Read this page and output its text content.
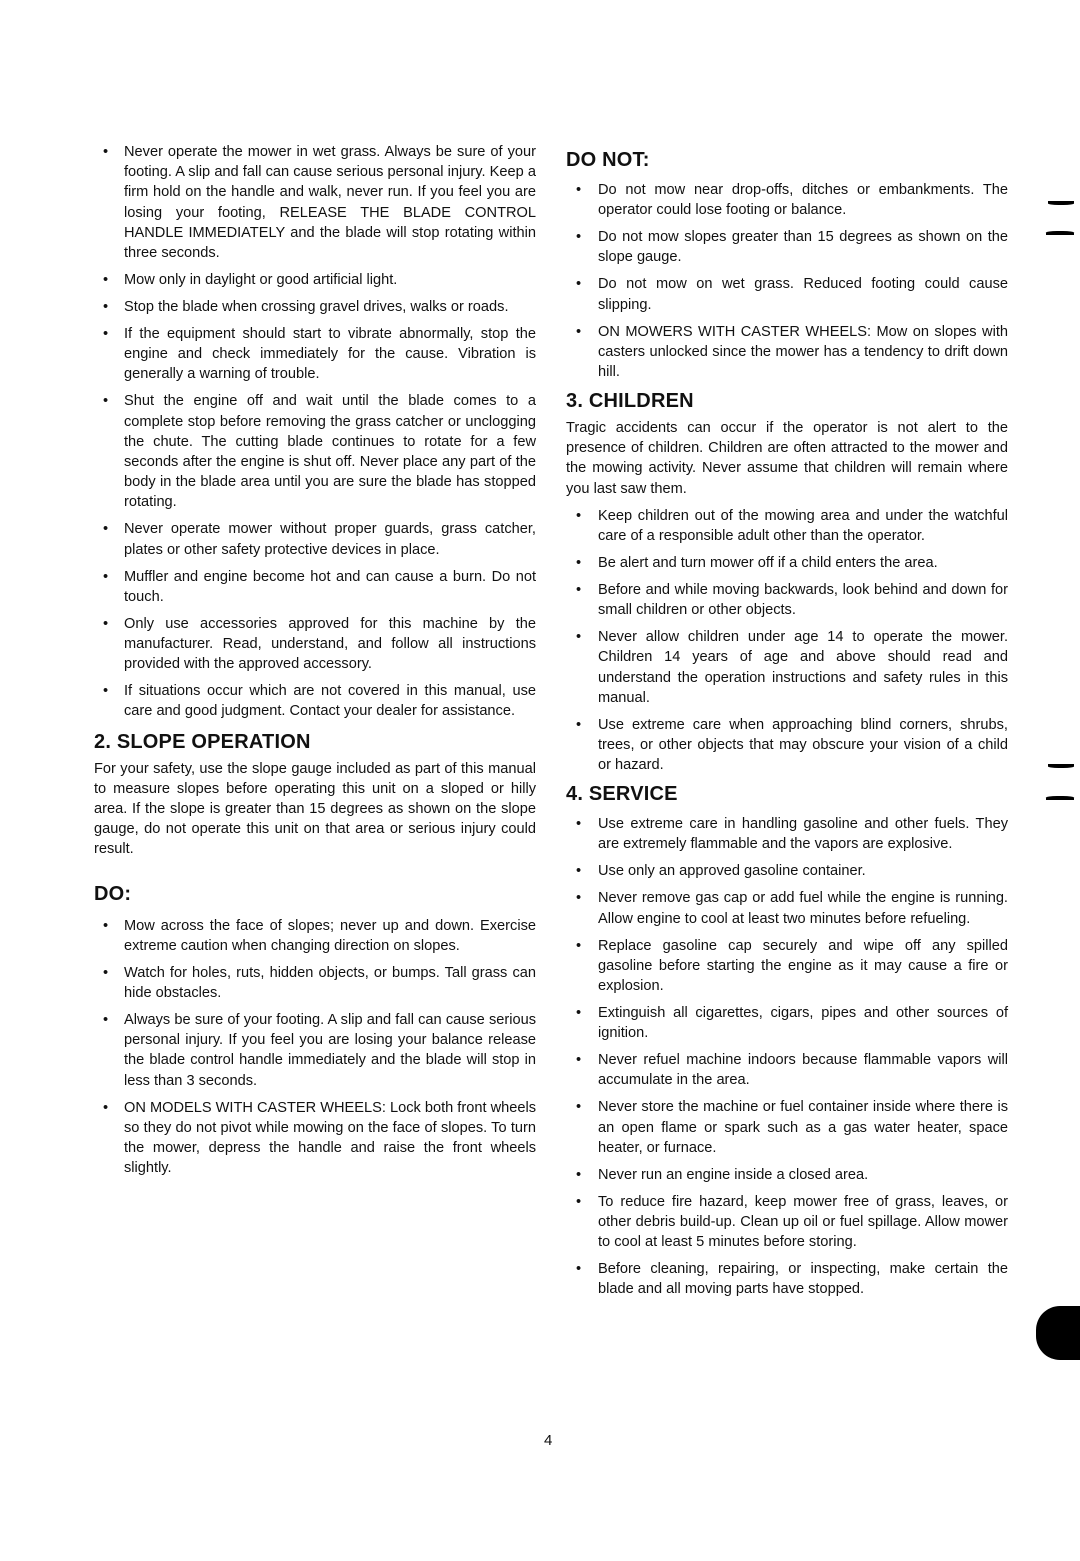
• Never operate the mower in wet grass. Always be sure of your footing. A slip and fall can cause serious personal injury. Keep a firm hold on the handle and walk, never run. If you feel you are losing your footing, RELEASE THE BLADE CONTROL HANDLE IMMEDIATELY and the blade will stop rotating within three seconds.
• Mow only in daylight or good artificial light.
• Stop the blade when crossing gravel drives, walks or roads.
• If the equipment should start to vibrate abnormally, stop the engine and check immediately for the cause. Vibration is generally a warning of trouble.
• Shut the engine off and wait until the blade comes to a complete stop before removing the grass catcher or unclogging the chute. The cutting blade continues to rotate for a few seconds after the engine is shut off. Never place any part of the body in the blade area until you are sure the blade has stopped rotating.
• Never operate mower without proper guards, grass catcher, plates or other safety protective devices in place.
• Muffler and engine become hot and can cause a burn. Do not touch.
• Only use accessories approved for this machine by the manufacturer. Read, understand, and follow all instructions provided with the approved accessory.
• If situations occur which are not covered in this manual, use care and good judgment. Contact your dealer for assistance.
2. SLOPE OPERATION

For your safety, use the slope gauge included as part of this manual to measure slopes before operating this unit on a sloped or hilly area. If the slope is greater than 15 degrees as shown on the slope gauge, do not operate this unit on that area or serious injury could result.

DO:
• Mow across the face of slopes; never up and down. Exercise extreme caution when changing direction on slopes.
• Watch for holes, ruts, hidden objects, or bumps. Tall grass can hide obstacles.
• Always be sure of your footing. A slip and fall can cause serious personal injury. If you feel you are losing your balance release the blade control handle immediately and the blade will stop in less than 3 seconds.
• ON MODELS WITH CASTER WHEELS: Lock both front wheels so they do not pivot while mowing on the face of slopes. To turn the mower, depress the handle and raise the front wheels slightly.
DO NOT:
• Do not mow near drop-offs, ditches or embankments. The operator could lose footing or balance.
• Do not mow slopes greater than 15 degrees as shown on the slope gauge.
• Do not mow on wet grass. Reduced footing could cause slipping.
• ON MOWERS WITH CASTER WHEELS: Mow on slopes with casters unlocked since the mower has a tendency to drift down hill.
3. CHILDREN

Tragic accidents can occur if the operator is not alert to the presence of children. Children are often attracted to the mower and the mowing activity. Never assume that children will remain where you last saw them.

• Keep children out of the mowing area and under the watchful care of a responsible adult other than the operator.
• Be alert and turn mower off if a child enters the area.
• Before and while moving backwards, look behind and down for small children or other objects.
• Never allow children under age 14 to operate the mower. Children 14 years of age and above should read and understand the operation instructions and safety rules in this manual.
• Use extreme care when approaching blind corners, shrubs, trees, or other objects that may obscure your vision of a child or hazard.
4. SERVICE
• Use extreme care in handling gasoline and other fuels. They are extremely flammable and the vapors are explosive.
• Use only an approved gasoline container.
• Never remove gas cap or add fuel while the engine is running. Allow engine to cool at least two minutes before refueling.
• Replace gasoline cap securely and wipe off any spilled gasoline before starting the engine as it may cause a fire or explosion.
• Extinguish all cigarettes, cigars, pipes and other sources of ignition.
• Never refuel machine indoors because flammable vapors will accumulate in the area.
• Never store the machine or fuel container inside where there is an open flame or spark such as a gas water heater, space heater, or furnace.
• Never run an engine inside a closed area.
• To reduce fire hazard, keep mower free of grass, leaves, or other debris build-up. Clean up oil or fuel spillage. Allow mower to cool at least 5 minutes before storing.
• Before cleaning, repairing, or inspecting, make certain the blade and all moving parts have stopped.
4
